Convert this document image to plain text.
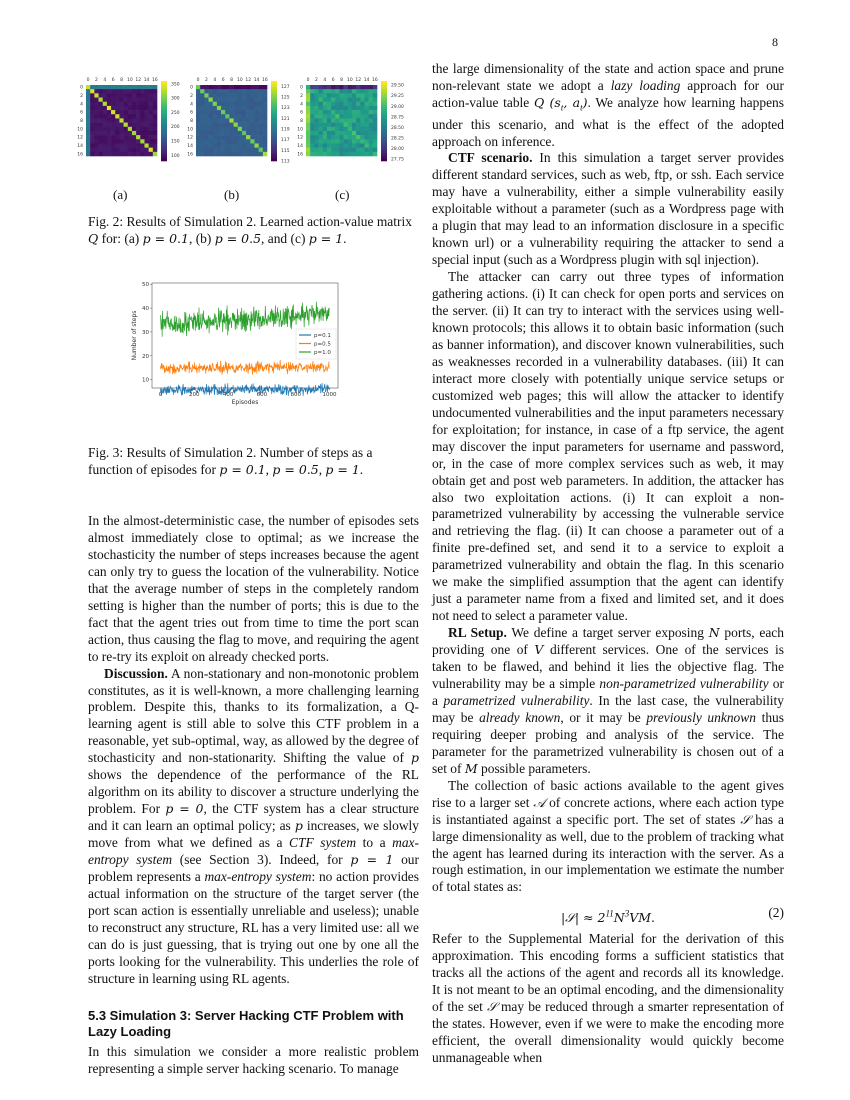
8
0
0
2
2
4
4
6
6
8
8
10
10
12
12
14
14
16
16
350
300
250
200
150
100
0
0
2
2
4
4
6
6
8
8
10
10
12
12
14
14
16
16
127
125
123
121
119
117
115
113
0
0
2
2
4
4
6
6
8
8
10
10
12
12
14
14
16
16
29.50
29.25
29.00
28.75
28.50
28.25
28.00
27.75
(a)	(b)	(c)
Fig. 2: Results of Simulation 2. Learned action-value matrix Q for: (a) p = 0.1, (b) p = 0.5, and (c) p = 1.
0	200	400	600	800	1000
10
20
30
40
50
Episodes
Number of steps	p=0.1
p=0.5
p=1.0
Fig. 3: Results of Simulation 2. Number of steps as a function of episodes for p = 0.1, p = 0.5, p = 1.

In the almost-deterministic case, the number of episodes sets almost immediately close to optimal; as we increase the stochasticity the number of steps increases because the agent can only try to guess the location of the vulnerability. Notice that the average number of steps in the completely random setting is higher than the number of ports; this is due to the fact that the agent tries out from time to time the port scan action, thus causing the flag to move, and requiring the agent to re-try its exploit on already checked ports.

Discussion. A non-stationary and non-monotonic problem constitutes, as it is well-known, a more challenging learning problem. Despite this, thanks to its formalization, a Q-learning agent is still able to solve this CTF problem in a reasonable, yet sub-optimal, way, as allowed by the degree of stochasticity and non-stationarity. Shifting the value of p shows the dependence of the performance of the RL algorithm on its ability to discover a structure underlying the problem. For p = 0, the CTF system has a clear structure and it can learn an optimal policy; as p increases, we slowly move from what we defined as a CTF system to a max-entropy system (see Section 3). Indeed, for p = 1 our problem represents a max-entropy system: no action provides actual information on the structure of the target server (the port scan action is essentially unreliable and useless); unable to reconstruct any structure, RL has a very limited use: all we can do is just guessing, that is trying out one by one all the ports looking for the vulnerability. This underlies the role of structure in learning using RL agents.

5.3 Simulation 3: Server Hacking CTF Problem with Lazy Loading

In this simulation we consider a more realistic problem representing a simple server hacking scenario. To manage

the large dimensionality of the state and action space and prune non-relevant state we adopt a lazy loading approach for our action-value table Q ($s_t$, $a_t$). We analyze how learning happens under this scenario, and what is the effect of the adopted approach on inference.

CTF scenario. In this simulation a target server provides different standard services, such as web, ftp, or ssh. Each service may have a vulnerability, either a simple vulnerability easily exploitable without a parameter (such as a Wordpress page with a plugin that may lead to an information disclosure in a specific known url) or a vulnerability requiring the attacker to send a special input (such as a Wordpress plugin with sql injection).

The attacker can carry out three types of information gathering actions. (i) It can check for open ports and services on the server. (ii) It can try to interact with the services using well-known protocols; this allows it to obtain basic information (such as banner information), and discover known vulnerabilities, such as weaknesses recorded in a vulnerability databases. (iii) It can interact more closely with potentially unique service setups or customized web pages; this will allow the attacker to identify undocumented vulnerabilities and the input parameters necessary for exploitation; for instance, in case of a ftp service, the agent may discover the input parameters for username and password, or, in the case of more complex services such as web, it may obtain get and post web parameters. In addition, the attacker has also two exploitation actions. (i) It can exploit a non-parametrized vulnerability by accessing the vulnerable service and retrieving the flag. (ii) It can choose a parameter out of a finite pre-defined set, and send it to a service to exploit a parametrized vulnerability and obtain the flag. In this scenario we make the simplified assumption that the agent can identify just a parameter name from a fixed and limited set, and it does not need to select a parameter value.

RL Setup. We define a target server exposing N ports, each providing one of V different services. One of the services is taken to be flawed, and behind it lies the objective flag. The vulnerability may be a simple non-parametrized vulnerability or a parametrized vulnerability. In the last case, the vulnerability may be already known, or it may be previously unknown thus requiring deeper probing and analysis of the service. The parameter for the parametrized vulnerability is chosen out of a set of M possible parameters.

The collection of basic actions available to the agent gives rise to a larger set 𝒜 of concrete actions, where each action type is instantiated against a specific port. The set of states 𝒮 has a large dimensionality as well, due to the problem of tracking what the agent has learned during its interaction with the server. As a rough estimation, in our implementation we estimate the number of total states as:

|𝒮| ≈ $2^{11}N^3VM$.	(2)

Refer to the Supplemental Material for the derivation of this approximation. This encoding forms a sufficient statistics that tracks all the actions of the agent and records all its knowledge. It is not meant to be an optimal encoding, and the dimensionality of the set 𝒮 may be reduced through a smarter representation of the states. However, even if we were to make the encoding more efficient, the overall dimensionality would quickly become unmanageable when
